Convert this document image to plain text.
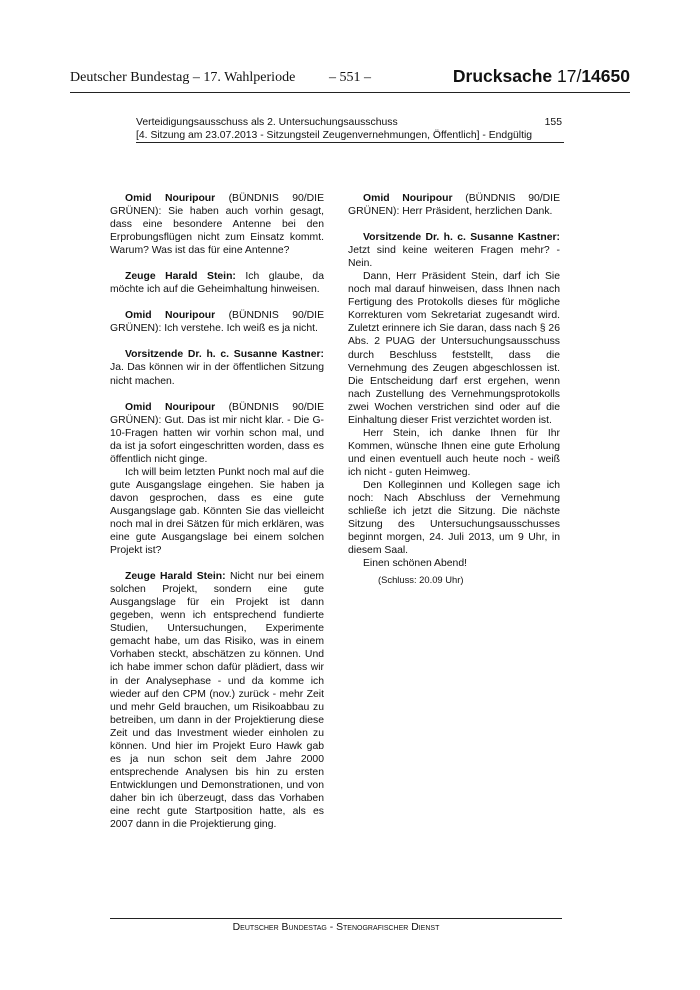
Deutscher Bundestag – 17. Wahlperiode	– 551 –	Drucksache 17/14650
Verteidigungsausschuss als 2. Untersuchungsausschuss
[4. Sitzung am 23.07.2013 - Sitzungsteil Zeugenvernehmungen, Öffentlich] - Endgültig
155

Omid Nouripour (BÜNDNIS 90/DIE GRÜNEN): Sie haben auch vorhin gesagt, dass eine besondere Antenne bei den Erprobungsflügen nicht zum Einsatz kommt. Warum? Was ist das für eine Antenne?

Zeuge Harald Stein: Ich glaube, da möchte ich auf die Geheimhaltung hinweisen.

Omid Nouripour (BÜNDNIS 90/DIE GRÜNEN): Ich verstehe. Ich weiß es ja nicht.

Vorsitzende Dr. h. c. Susanne Kastner: Ja. Das können wir in der öffentlichen Sitzung nicht machen.

Omid Nouripour (BÜNDNIS 90/DIE GRÜNEN): Gut. Das ist mir nicht klar. - Die G-10-Fragen hatten wir vorhin schon mal, und da ist ja sofort eingeschritten worden, dass es öffentlich nicht ginge.

Ich will beim letzten Punkt noch mal auf die gute Ausgangslage eingehen. Sie haben ja davon gesprochen, dass es eine gute Ausgangslage gab. Könnten Sie das vielleicht noch mal in drei Sätzen für mich erklären, was eine gute Ausgangslage bei einem solchen Projekt ist?

Zeuge Harald Stein: Nicht nur bei einem solchen Projekt, sondern eine gute Ausgangslage für ein Projekt ist dann gegeben, wenn ich entsprechend fundierte Studien, Untersuchungen, Experimente gemacht habe, um das Risiko, was in einem Vorhaben steckt, abschätzen zu können. Und ich habe immer schon dafür plädiert, dass wir in der Analysephase - und da komme ich wieder auf den CPM (nov.) zurück - mehr Zeit und mehr Geld brauchen, um Risikoabbau zu betreiben, um dann in der Projektierung diese Zeit und das Investment wieder einholen zu können. Und hier im Projekt Euro Hawk gab es ja nun schon seit dem Jahre 2000 entsprechende Analysen bis hin zu ersten Entwicklungen und Demonstrationen, und von daher bin ich überzeugt, dass das Vorhaben eine recht gute Startposition hatte, als es 2007 dann in die Projektierung ging.

Omid Nouripour (BÜNDNIS 90/DIE GRÜNEN): Herr Präsident, herzlichen Dank.

Vorsitzende Dr. h. c. Susanne Kastner: Jetzt sind keine weiteren Fragen mehr? - Nein.

Dann, Herr Präsident Stein, darf ich Sie noch mal darauf hinweisen, dass Ihnen nach Fertigung des Protokolls dieses für mögliche Korrekturen vom Sekretariat zugesandt wird. Zuletzt erinnere ich Sie daran, dass nach § 26 Abs. 2 PUAG der Untersuchungsausschuss durch Beschluss feststellt, dass die Vernehmung des Zeugen abgeschlossen ist. Die Entscheidung darf erst ergehen, wenn nach Zustellung des Vernehmungsprotokolls zwei Wochen verstrichen sind oder auf die Einhaltung dieser Frist verzichtet worden ist.

Herr Stein, ich danke Ihnen für Ihr Kommen, wünsche Ihnen eine gute Erholung und einen eventuell auch heute noch - weiß ich nicht - guten Heimweg.

Den Kolleginnen und Kollegen sage ich noch: Nach Abschluss der Vernehmung schließe ich jetzt die Sitzung. Die nächste Sitzung des Untersuchungsausschusses beginnt morgen, 24. Juli 2013, um 9 Uhr, in diesem Saal.

Einen schönen Abend!

(Schluss: 20.09 Uhr)
Deutscher Bundestag - Stenografischer Dienst
